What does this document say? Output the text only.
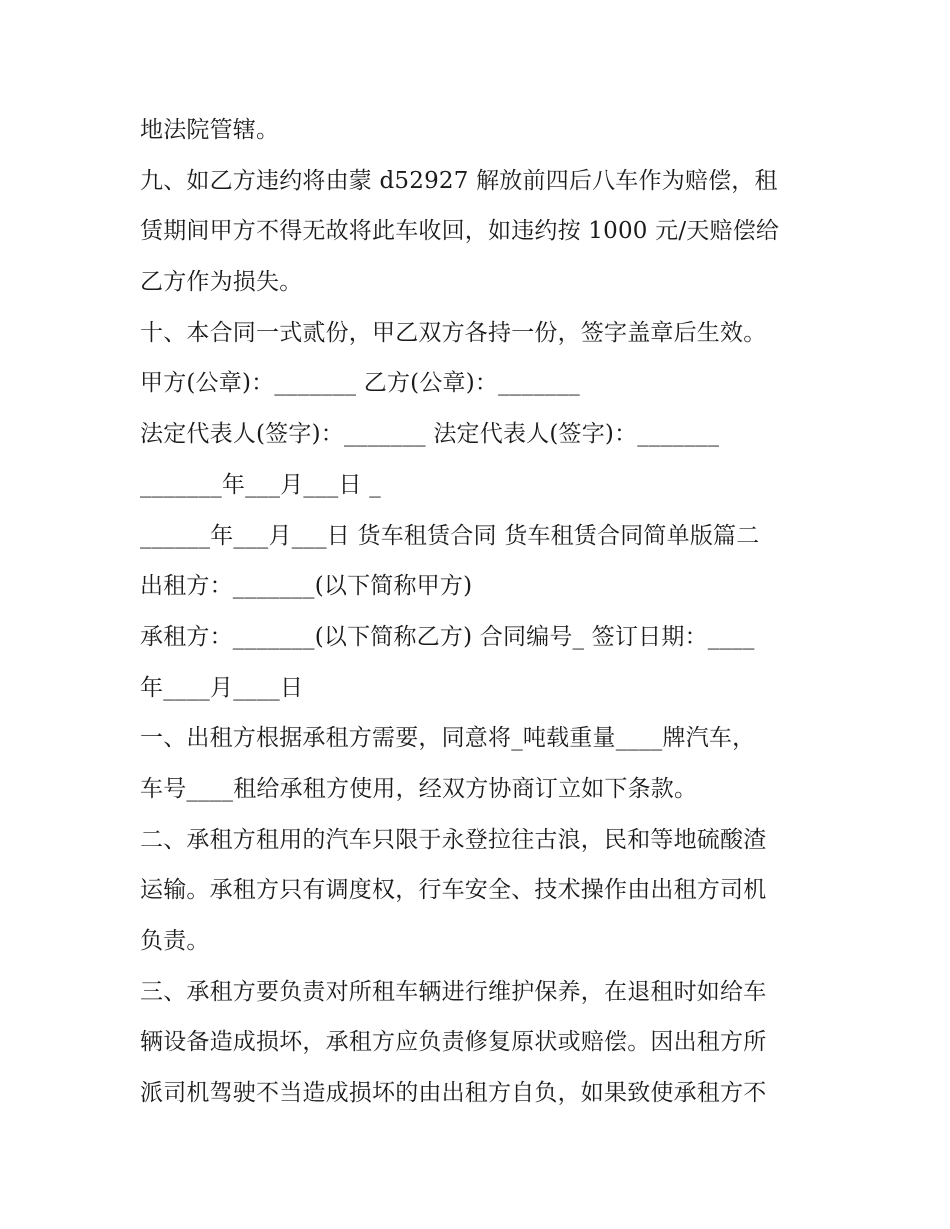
地法院管辖。
九、如乙方违约将由蒙 d52927 解放前四后八车作为赔偿，租
赁期间甲方不得无故将此车收回，如违约按 1000 元/天赔偿给
乙方作为损失。
十、本合同一式贰份，甲乙双方各持一份，签字盖章后生效。
甲方(公章)：_______ 乙方(公章)：_______
法定代表人(签字)：_______ 法定代表人(签字)：_______
_______年___月___日 _
______年___月___日 货车租赁合同 货车租赁合同简单版篇二
出租方：_______(以下简称甲方)
承租方：_______(以下简称乙方) 合同编号_ 签订日期：____
年____月____日
一、出租方根据承租方需要，同意将_吨载重量____牌汽车，
车号____租给承租方使用，经双方协商订立如下条款。
二、承租方租用的汽车只限于永登拉往古浪，民和等地硫酸渣
运输。承租方只有调度权，行车安全、技术操作由出租方司机
负责。
三、承租方要负责对所租车辆进行维护保养，在退租时如给车
辆设备造成损坏，承租方应负责修复原状或赔偿。因出租方所
派司机驾驶不当造成损坏的由出租方自负，如果致使承租方不
